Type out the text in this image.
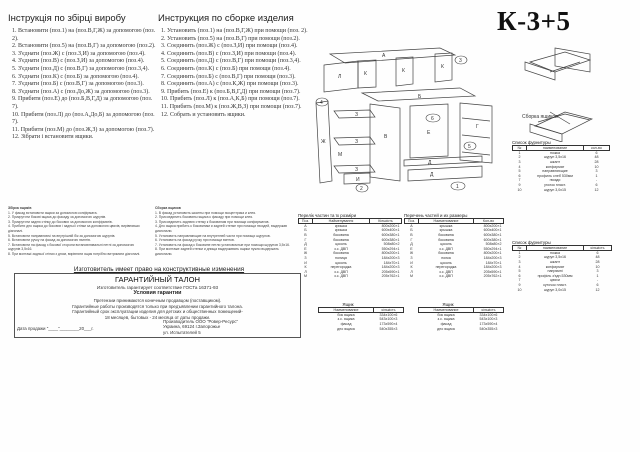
Інструкція по збірці виробу
1. Встановити (поз.1) на (поз.В,Г,Ж) за допомогою (поз. 2).
2. Встановити (поз.5) на (поз.В,Г) за допомогою (поз.2).
3. З'єднати (поз.Ж) с (поз.З,И) за допомогою (поз.4).
4. З'єднати (поз.В) с (поз.З,И) за допомогою (поз.4).
5. З'єднати (поз.Д) с (поз.В,Г) за допомогою (поз.3,4).
6. З'єднати (поз.К) с (поз.Б) за допомогою (поз.4).
7. З'єднати (поз.Б) с (поз.В,Г) за допомогою (поз.3).
8. З'єднати (поз.А) с (поз.До,Ж) за допомогою (поз.3).
9. Прибити (поз.Е) до (поз.Б,В,Г,Д) за допомогою (поз. 7).
10. Прибити (поз.Л) до (поз.А,До,Б) за допомогою (поз. 7).
11. Прибити (поз.М) до (поз.Ж,З) за допомогою (поз.7).
12. Зібрати і встановити ящики.
Инструкция по сборке изделия
1. Установить (поз.1) на (поз.В,Г,Ж) при помощи (поз. 2).
2. Установить (поз.5) на (поз.В,Г) при помощи (поз.2).
3. Соединить (поз.Ж) с (поз.З,И) при помощи (поз.4).
4. Соединить (поз.В) с (поз.З,И) при помощи (поз.4).
5. Соединить (поз.Д) с (поз.В,Г) при помощи (поз.3,4).
6. Соединить (поз.К) с (поз.Б) при помощи (поз.4).
7. Соединить (поз.Б) с (поз.В,Г) при помощи (поз.3).
8. Соединить (поз.А) с (поз.К,Ж) при помощи (поз.3).
9. Прибить (поз.Е) к (поз.Б,В,Г,Д) при помощи (поз.7).
10. Прибить (поз.Л) к (поз.А,К,Б) при помощи (поз.7).
11. Прибить (поз.М) к (поз.Ж,В,З) при помощи (поз.7).
12. Собрать и установить ящики.
К-3+5
А
Л	К	К
К
3
Б
Ж
4
З
З
З
М
И
2
В
Е
6
Г
5
Д
Д
1
Сборка ящиков
Список фурнитуры
№	наименование	кол-во
1	ножка	6
2	шуруп 3,5х16	48
3	шкант	28
4	конфирмат	10
5	направляющие	3
6	профиль слеб 530мм	1
7	гвозди	-
9	уголок пласт.	6
10	шуруп 3,0х15	12
Збірка ящиків
1. У фасад встановити ящики за допомогою конфірмата.
2. Прикрутити бокові ящика до фасаду за допомогою шурупів.
3. Прикрутити задню стінку до бокових за допомогою конфірматів.
4. Прибити дно ящика до бокових і задньої стінки за допомогою цвяхів, вирівнявши діагоналі.
5. Встановити направляючі на внутрішній бік за допомогою шурупів.
6. Встановити ручку на фасад за допомогою гвинтів.
7. Встановити на фасад з бокової сторони встановлювальні петлі за допомогою шурупів 3,5х16.
8. При монтажі задньої стінки з дном, вирівняти ящик потрібно витримати діагоналі.
Сборка ящиков
1. В фасад установить шканты при помощи эксцентрика и клея.
2. Присоединить боковины ящика к фасаду при помощи клея.
3. Присоединить заднюю стенку к боковинам при помощи конфирматов.
4. Дно ящика прибить к боковинам и задней стенке при помощи гвоздей, выдержав диагонали.
5. Установить направляющие на внутренней части при помощи шурупов.
6. Установить на фасад ручку при помощи винтов.
7. Установить на фасад к боковине петли установочные при помощи шурупов 3,5х16.
8. При монтаже задней стенки и днища выдерживать ящики нужно выдержать диагонали.
Перелік частин та їх розміри
Поз.	Найменування	Кількість
А	кришка	800х200×1
Б	кришка	600х400×1
В	боковина	600х380×1
Г	боковина	600х380×1
Д	цоколь	508х80×2
Е	з.с. ДВП	550х294×1
Ж	боковина	800х200×1
З	полиця	184х200×3
И	цоколь	184х70×1
К	перегородка	184х200×3
Л	з.с. ДВП	205х590×1
М	з.с. ДВП	205х762×1
Перечень частей и их размеры
Поз.	Наименование	Кол-во
А	крышка	800х200×1
Б	крышка	600х400×1
В	боковина	600х380×1
Г	боковина	600х380×1
Д	цоколь	508х80×2
Е	з.с. ДВП	550х294×1
Ж	боковина	800х200×1
З	полка	184х200×3
И	цоколь	184х70×1
К	перегородка	184х200×3
Л	з.с. ДВП	205х590×1
М	з.с. ДВП	205х762×1
Список фурнитуры
№	наименование	кількість
1	ножка	6
2	шуруп 3,5х16	48
3	шкант	28
4	конфирмат	10
5	напрямні	3
6	профіль з'єдн.530мм	1
7	цвяхи	-
9	куточок пласт.	6
10	шуруп 3,0х15	12
Ящик
Наименование	кількість
бок ящика	334х100×6
з.с. ящика	543х100×3
фасад	173х590×4
дно ящика	540х355×3
Ящик
Наименование	кількість
бок ящика	334х100×6
з.с. ящика	543х100×3
фасад	173х590×4
дно ящика	540х355×3
Изготовитель имеет право на конструктивные изменения
ГАРАНТИЙНЫЙ ТАЛОН
Изготовитель гарантирует соответствие ГОСТа 16371-93
Условия гарантии
Претензии принимаются конечным продавцом (поставщиком).
Гарантийные работы производятся только при предъявлении гарантийного талона.
Гарантийный срок эксплуатации изделия для детских и общественных помещений-
18 месяцев, бытовых - 24 месяца от даты продажи.
Дата продажи "____"________20___г.
Производитель ООО "Ровер-Ресурс"
Украина, 69124 г.Запорожье
ул. Испытателей 5
